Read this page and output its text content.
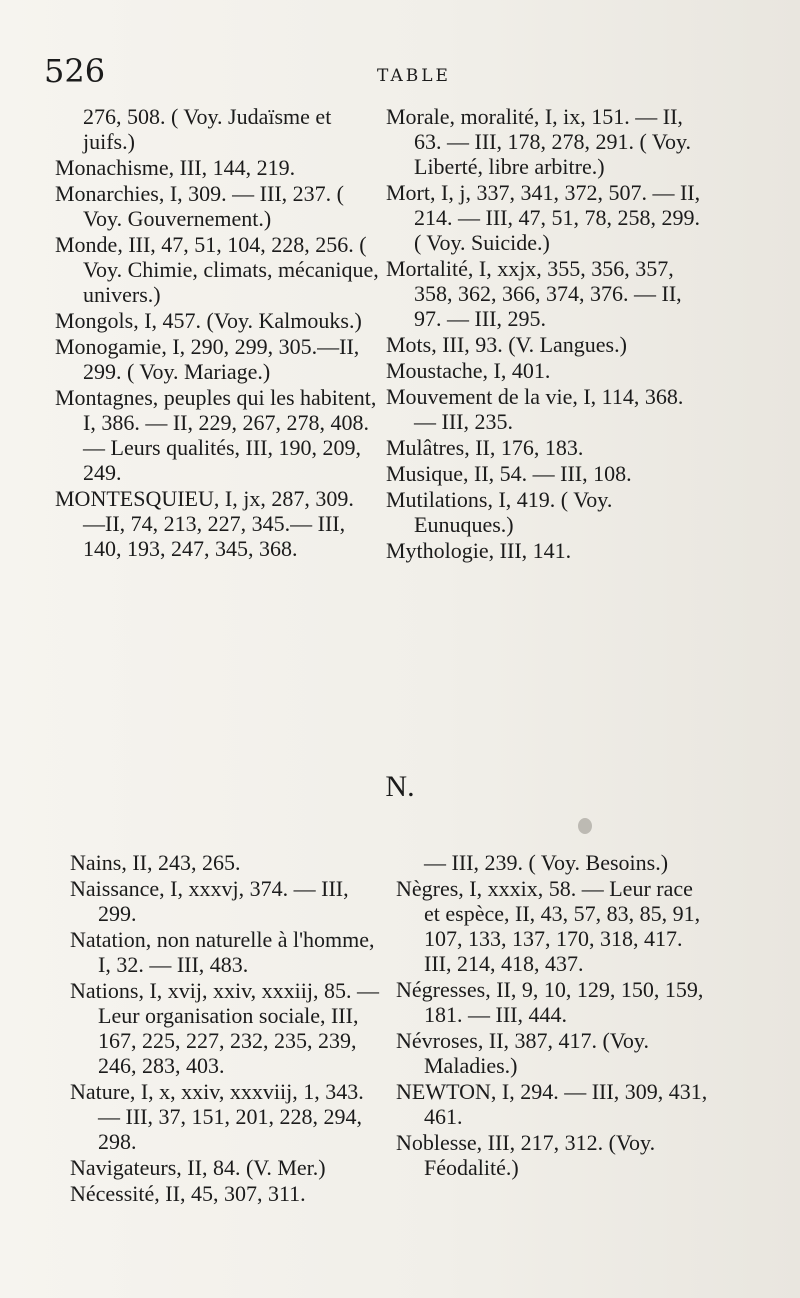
526	TABLE
276, 508. ( Voy. Judaïsme et juifs.)
Monachisme, III, 144, 219.
Monarchies, I, 309. — III, 237. ( Voy. Gouvernement.)
Monde, III, 47, 51, 104, 228, 256. ( Voy. Chimie, climats, mécanique, univers.)
Mongols, I, 457. (Voy. Kalmouks.)
Monogamie, I, 290, 299, 305.—II, 299. ( Voy. Mariage.)
Montagnes, peuples qui les habitent, I, 386. — II, 229, 267, 278, 408. — Leurs qualités, III, 190, 209, 249.
MONTESQUIEU, I, jx, 287, 309. —II, 74, 213, 227, 345.— III, 140, 193, 247, 345, 368.
Morale, moralité, I, ix, 151. — II, 63. — III, 178, 278, 291. ( Voy. Liberté, libre arbitre.)
Mort, I, j, 337, 341, 372, 507. — II, 214. — III, 47, 51, 78, 258, 299. ( Voy. Suicide.)
Mortalité, I, xxjx, 355, 356, 357, 358, 362, 366, 374, 376. — II, 97. — III, 295.
Mots, III, 93. (V. Langues.)
Moustache, I, 401.
Mouvement de la vie, I, 114, 368. — III, 235.
Mulâtres, II, 176, 183.
Musique, II, 54. — III, 108.
Mutilations, I, 419. ( Voy. Eunuques.)
Mythologie, III, 141.
N.
Nains, II, 243, 265.
Naissance, I, xxxvj, 374. — III, 299.
Natation, non naturelle à l'homme, I, 32. — III, 483.
Nations, I, xvij, xxiv, xxxiij, 85. — Leur organisation sociale, III, 167, 225, 227, 232, 235, 239, 246, 283, 403.
Nature, I, x, xxiv, xxxviij, 1, 343. — III, 37, 151, 201, 228, 294, 298.
Navigateurs, II, 84. (V. Mer.)
Nécessité, II, 45, 307, 311.
— III, 239. ( Voy. Besoins.)
Nègres, I, xxxix, 58. — Leur race et espèce, II, 43, 57, 83, 85, 91, 107, 133, 137, 170, 318, 417. III, 214, 418, 437.
Négresses, II, 9, 10, 129, 150, 159, 181. — III, 444.
Névroses, II, 387, 417. (Voy. Maladies.)
NEWTON, I, 294. — III, 309, 431, 461.
Noblesse, III, 217, 312. (Voy. Féodalité.)
